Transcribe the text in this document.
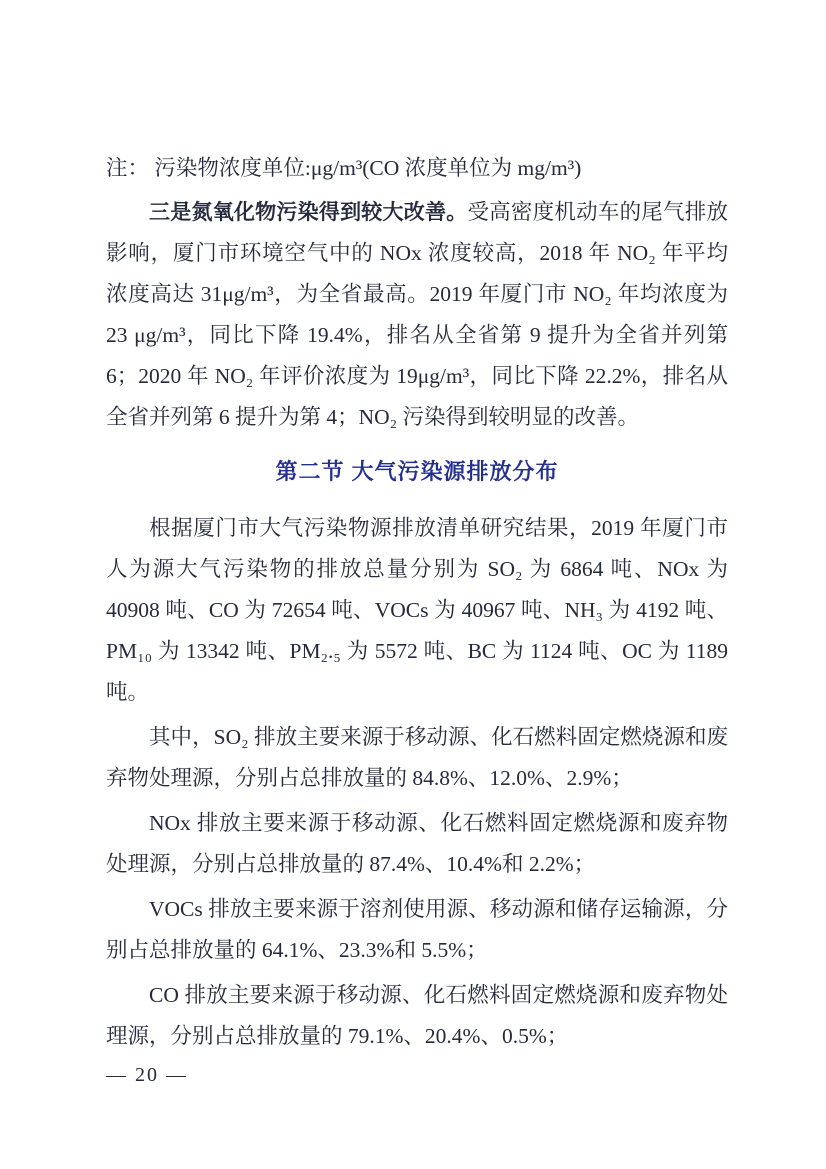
注： 污染物浓度单位:μg/m³(CO 浓度单位为 mg/m³)

三是氮氧化物污染得到较大改善。受高密度机动车的尾气排放影响，厦门市环境空气中的 NOx 浓度较高，2018 年 NO₂ 年平均浓度高达 31μg/m³，为全省最高。2019 年厦门市 NO₂ 年均浓度为 23 μg/m³，同比下降 19.4%，排名从全省第 9 提升为全省并列第 6；2020 年 NO₂ 年评价浓度为 19μg/m³，同比下降 22.2%，排名从全省并列第 6 提升为第 4；NO₂ 污染得到较明显的改善。

第二节 大气污染源排放分布

根据厦门市大气污染物源排放清单研究结果，2019 年厦门市人为源大气污染物的排放总量分别为 SO₂ 为 6864 吨、NOx 为 40908 吨、CO 为 72654 吨、VOCs 为 40967 吨、NH₃ 为 4192 吨、PM₁₀ 为 13342 吨、PM₂.₅ 为 5572 吨、BC 为 1124 吨、OC 为 1189 吨。

其中，SO₂ 排放主要来源于移动源、化石燃料固定燃烧源和废弃物处理源，分别占总排放量的 84.8%、12.0%、2.9%；

NOx 排放主要来源于移动源、化石燃料固定燃烧源和废弃物处理源，分别占总排放量的 87.4%、10.4%和 2.2%；

VOCs 排放主要来源于溶剂使用源、移动源和储存运输源，分别占总排放量的 64.1%、23.3%和 5.5%；

CO 排放主要来源于移动源、化石燃料固定燃烧源和废弃物处理源，分别占总排放量的 79.1%、20.4%、0.5%；

— 20 —
